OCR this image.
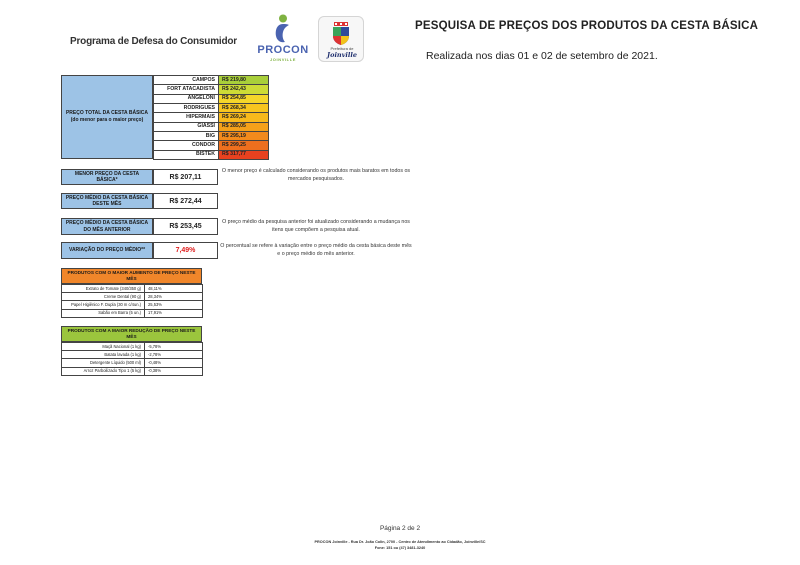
Programa de Defesa do Consumidor
PROCON
JOINVILLE
Prefeitura de
Joinville
PESQUISA DE PREÇOS DOS PRODUTOS DA CESTA BÁSICA
Realizada nos dias 01 e 02 de setembro de 2021.
PREÇO TOTAL DA CESTA BÁSICA (do menor para o maior preço)
CAMPOS	R$ 219,80
FORT ATACADISTA	R$ 242,43
ANGELONI	R$ 254,85
RODRIGUES	R$ 268,34
HIPERMAIS	R$ 269,24
GIASSI	R$ 285,05
BIG	R$ 295,19
CONDOR	R$ 299,25
BISTEK	R$ 317,77
MENOR PREÇO DA CESTA BÁSICA*	R$ 207,11
O menor preço é calculado considerando os produtos mais baratos em todos os mercados pesquisados.
PREÇO MÉDIO DA CESTA BÁSICA DESTE MÊS	R$ 272,44
PREÇO MÉDIO DA CESTA BÁSICA DO MÊS ANTERIOR	R$ 253,45
O preço médio da pesquisa anterior foi atualizado considerando a mudança nos itens que compõem a pesquisa atual.
VARIAÇÃO DO PREÇO MÉDIO**	7,49%
O percentual se refere à variação entre o preço médio da cesta básica deste mês e o preço médio do mês anterior.
PRODUTOS COM O MAIOR AUMENTO DE PREÇO NESTE MÊS
Extrato de Tomate (340/350 g)	48,11%
Creme Dental (90 g)	28,34%
Papel Higiênico F. Dupla (30 m c/4un.)	25,53%
Sabão em Barra (5 un.)	17,91%
PRODUTOS COM A MAIOR REDUÇÃO DE PREÇO NESTE MÊS
Maçã Nacional (1 kg)	-5,78%
Batata lavada (1 kg)	-2,78%
Detergente Líquido (500 ml)	-0,48%
Arroz Parboilizado Tipo 1 (5 kg)	-0,38%
Página 2 de 2
PROCON Joinville - Rua Dr. João Colin, 2700 - Centro de Atendimento ao Cidadão, Joinville/SC
Fone: 151 ou (47) 3481-3240
